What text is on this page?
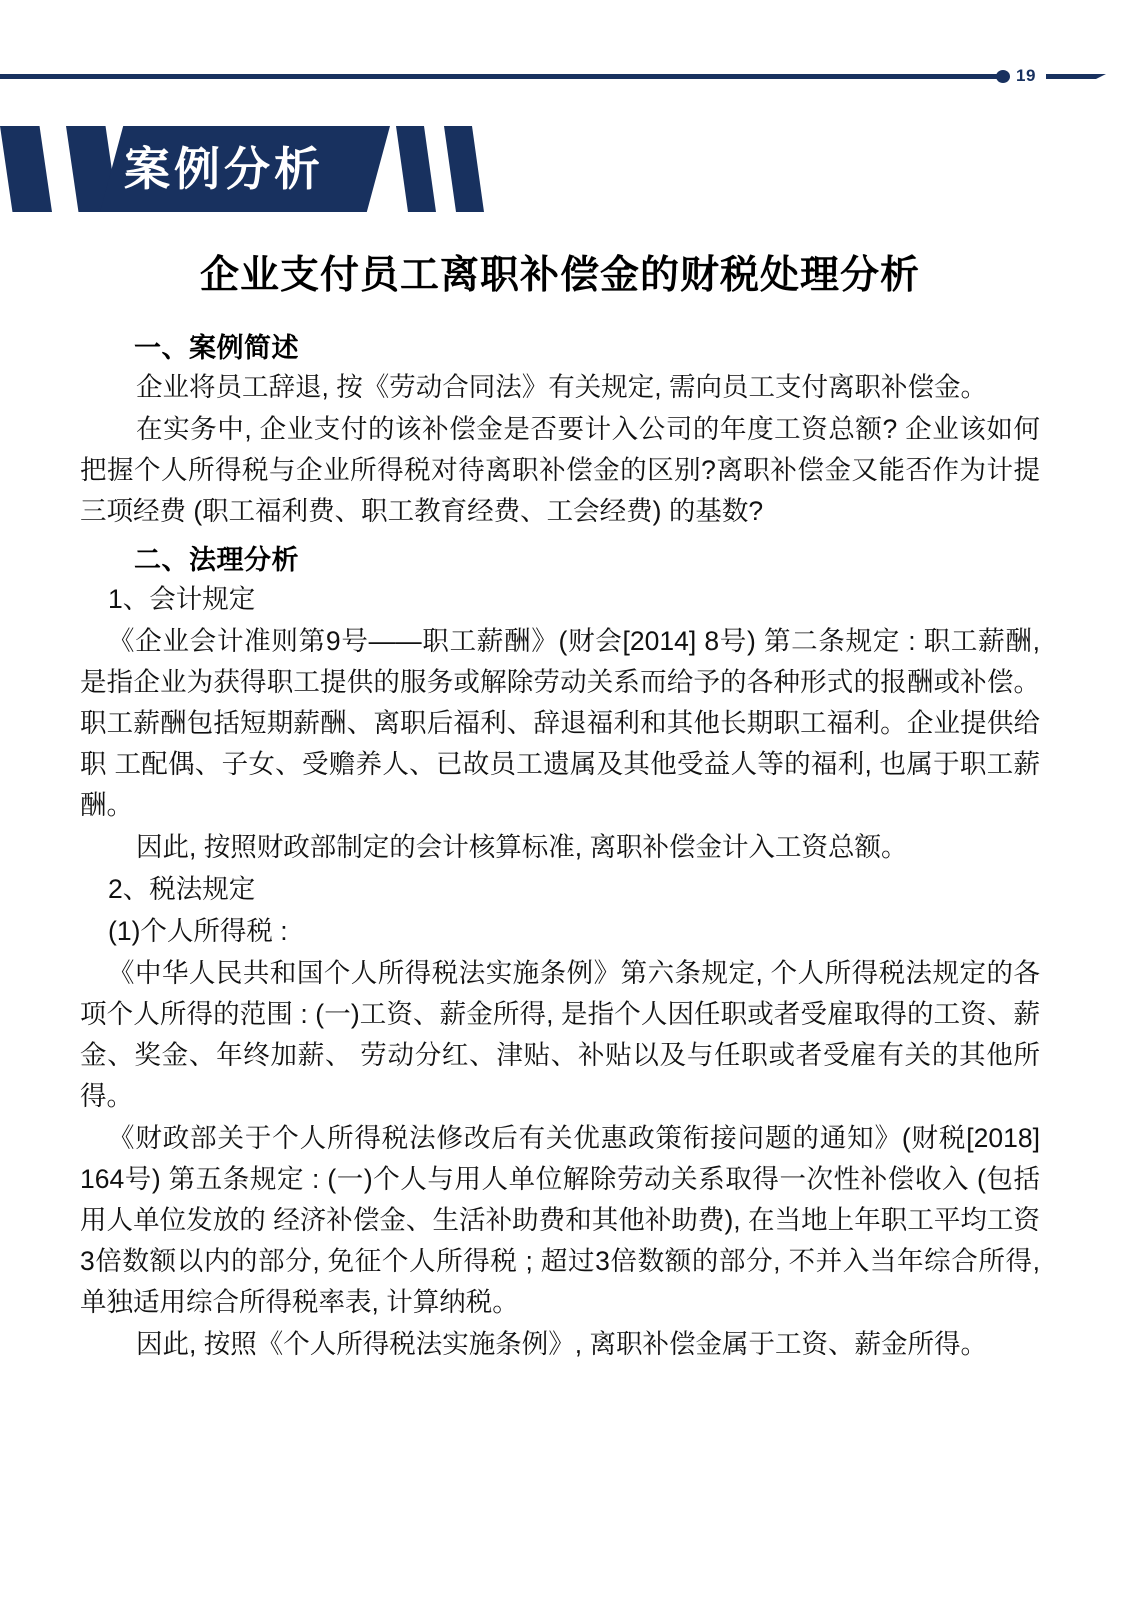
19
案例分析
企业支付员工离职补偿金的财税处理分析
一、案例简述

企业将员工辞退, 按《劳动合同法》有关规定, 需向员工支付离职补偿金。

在实务中, 企业支付的该补偿金是否要计入公司的年度工资总额? 企业该如何把握个人所得税与企业所得税对待离职补偿金的区别?离职补偿金又能否作为计提三项经费 (职工福利费、职工教育经费、工会经费) 的基数?

二、法理分析

1、会计规定

《企业会计准则第9号——职工薪酬》(财会[2014] 8号) 第二条规定 : 职工薪酬, 是指企业为获得职工提供的服务或解除劳动关系而给予的各种形式的报酬或补偿。职工薪酬包括短期薪酬、离职后福利、辞退福利和其他长期职工福利。企业提供给职 工配偶、子女、受赡养人、已故员工遗属及其他受益人等的福利, 也属于职工薪酬。

因此, 按照财政部制定的会计核算标准, 离职补偿金计入工资总额。

2、税法规定

(1)个人所得税 :

《中华人民共和国个人所得税法实施条例》第六条规定, 个人所得税法规定的各项个人所得的范围 : (一)工资、薪金所得, 是指个人因任职或者受雇取得的工资、薪金、奖金、年终加薪、 劳动分红、津贴、补贴以及与任职或者受雇有关的其他所得。

《财政部关于个人所得税法修改后有关优惠政策衔接问题的通知》(财税[2018] 164号) 第五条规定 : (一)个人与用人单位解除劳动关系取得一次性补偿收入 (包括用人单位发放的 经济补偿金、生活补助费和其他补助费), 在当地上年职工平均工资3倍数额以内的部分, 免征个人所得税 ; 超过3倍数额的部分, 不并入当年综合所得, 单独适用综合所得税率表, 计算纳税。

因此, 按照《个人所得税法实施条例》, 离职补偿金属于工资、薪金所得。
